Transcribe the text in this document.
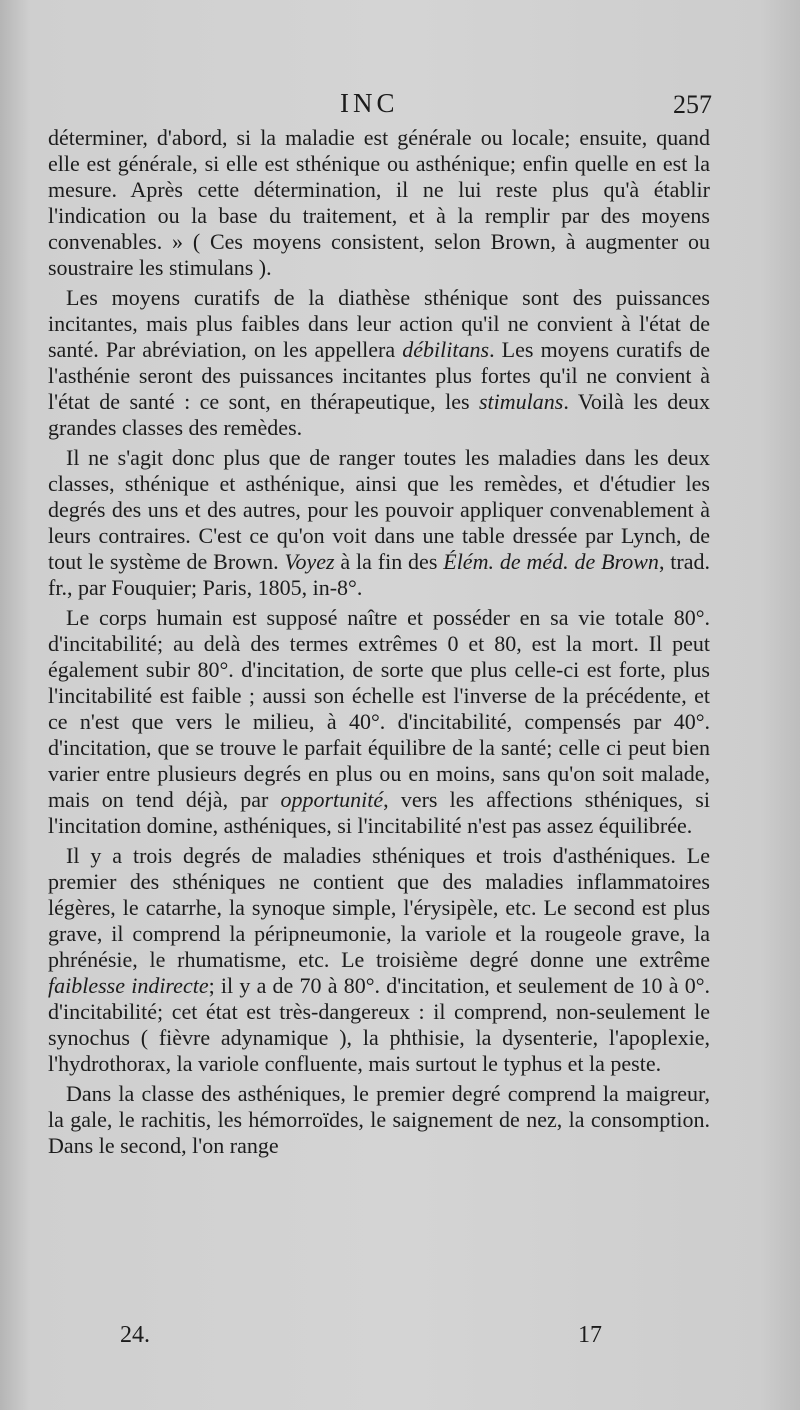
INC	257

déterminer, d'abord, si la maladie est générale ou locale; ensuite, quand elle est générale, si elle est sthénique ou asthénique; enfin quelle en est la mesure. Après cette détermination, il ne lui reste plus qu'à établir l'indication ou la base du traitement, et à la remplir par des moyens convenables. » ( Ces moyens consistent, selon Brown, à augmenter ou soustraire les stimulans ).

Les moyens curatifs de la diathèse sthénique sont des puissances incitantes, mais plus faibles dans leur action qu'il ne convient à l'état de santé. Par abréviation, on les appellera débilitans. Les moyens curatifs de l'asthénie seront des puissances incitantes plus fortes qu'il ne convient à l'état de santé : ce sont, en thérapeutique, les stimulans. Voilà les deux grandes classes des remèdes.

Il ne s'agit donc plus que de ranger toutes les maladies dans les deux classes, sthénique et asthénique, ainsi que les remèdes, et d'étudier les degrés des uns et des autres, pour les pouvoir appliquer convenablement à leurs contraires. C'est ce qu'on voit dans une table dressée par Lynch, de tout le système de Brown. Voyez à la fin des Élém. de méd. de Brown, trad. fr., par Fouquier; Paris, 1805, in-8°.

Le corps humain est supposé naître et posséder en sa vie totale 80°. d'incitabilité; au delà des termes extrêmes 0 et 80, est la mort. Il peut également subir 80°. d'incitation, de sorte que plus celle-ci est forte, plus l'incitabilité est faible ; aussi son échelle est l'inverse de la précédente, et ce n'est que vers le milieu, à 40°. d'incitabilité, compensés par 40°. d'incitation, que se trouve le parfait équilibre de la santé; celle ci peut bien varier entre plusieurs degrés en plus ou en moins, sans qu'on soit malade, mais on tend déjà, par opportunité, vers les affections sthéniques, si l'incitation domine, asthéniques, si l'incitabilité n'est pas assez équilibrée.

Il y a trois degrés de maladies sthéniques et trois d'asthéniques. Le premier des sthéniques ne contient que des maladies inflammatoires légères, le catarrhe, la synoque simple, l'érysipèle, etc. Le second est plus grave, il comprend la péripneumonie, la variole et la rougeole grave, la phrénésie, le rhumatisme, etc. Le troisième degré donne une extrême faiblesse indirecte; il y a de 70 à 80°. d'incitation, et seulement de 10 à 0°. d'incitabilité; cet état est très-dangereux : il comprend, non-seulement le synochus ( fièvre adynamique ), la phthisie, la dysenterie, l'apoplexie, l'hydrothorax, la variole confluente, mais surtout le typhus et la peste.

Dans la classe des asthéniques, le premier degré comprend la maigreur, la gale, le rachitis, les hémorroïdes, le saignement de nez, la consomption. Dans le second, l'on range

24.	17
